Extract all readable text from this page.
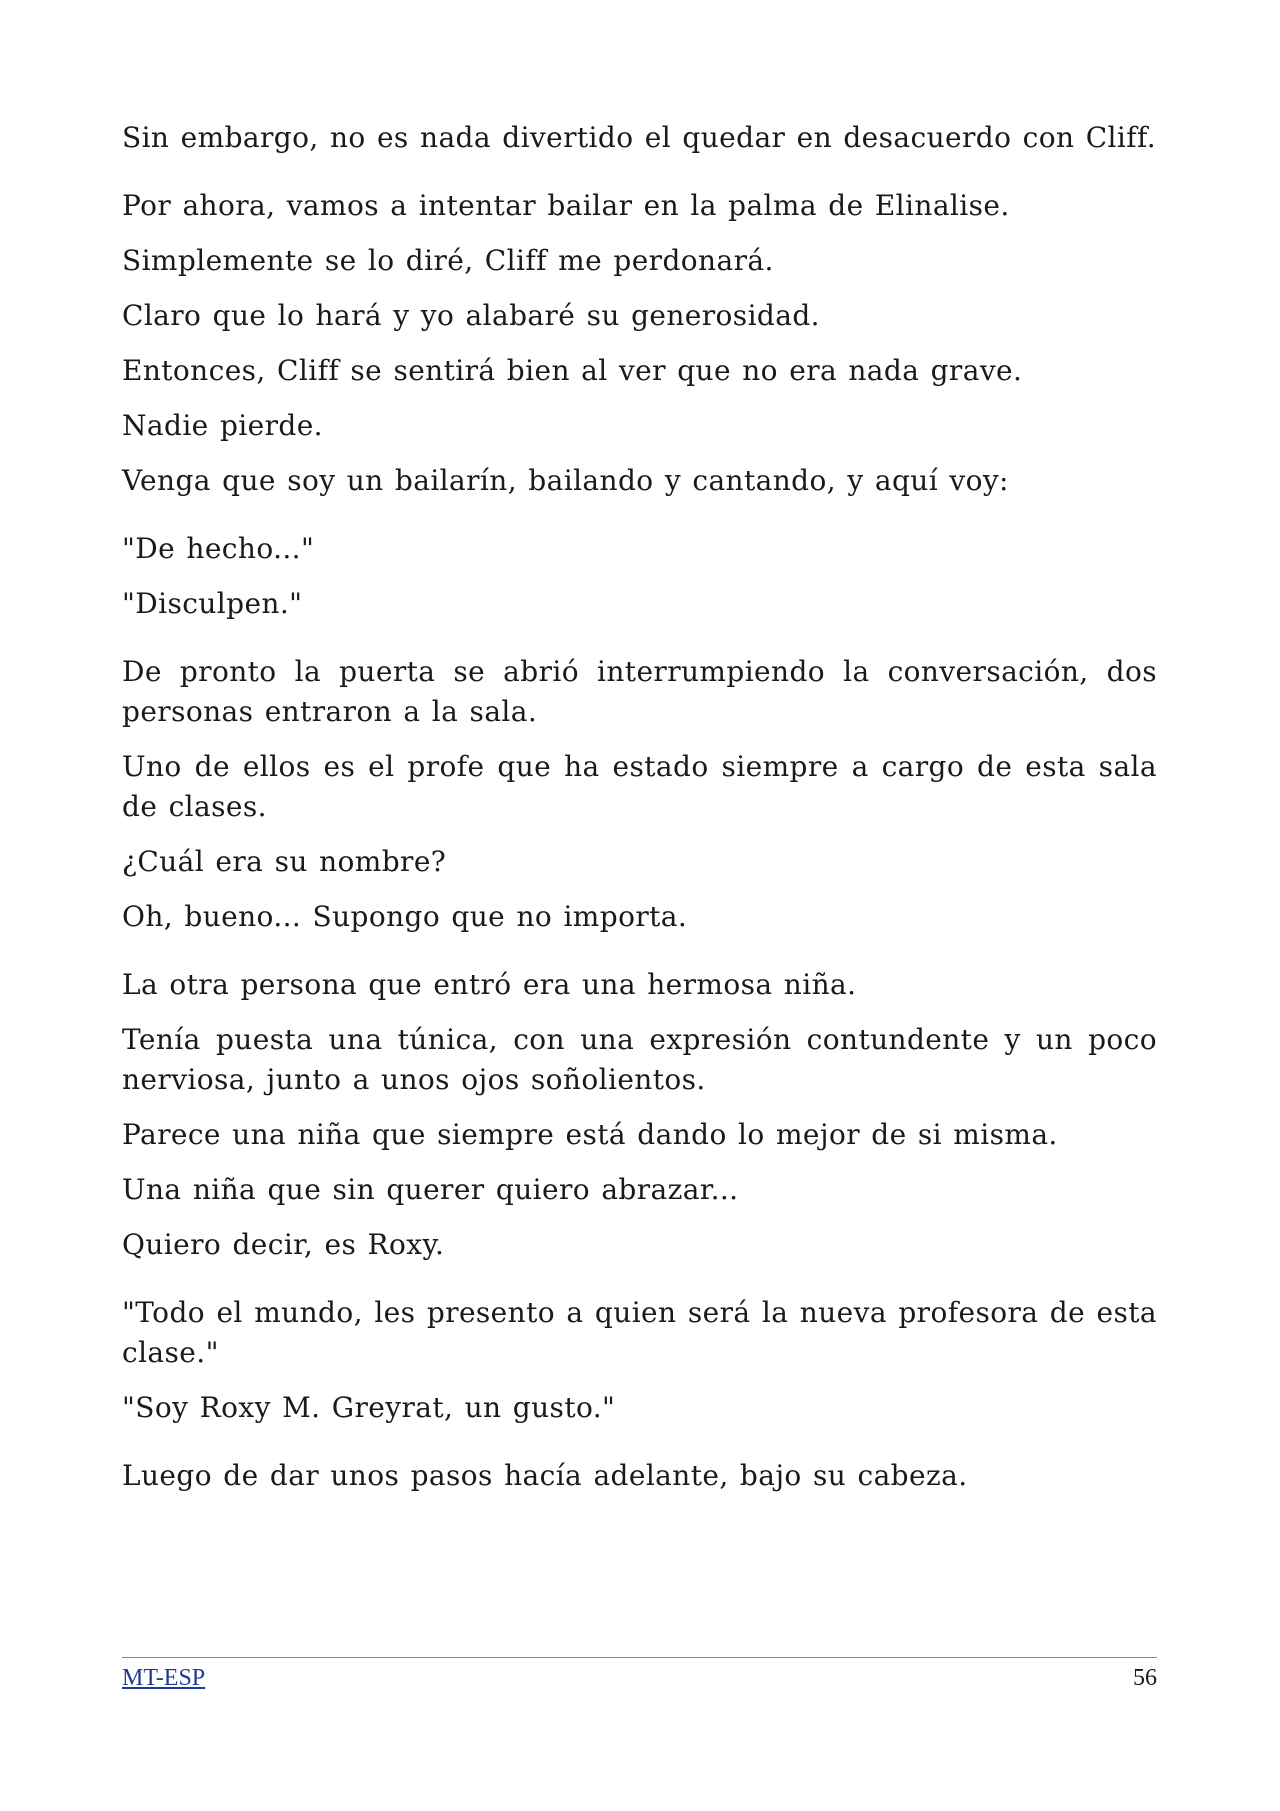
Sin embargo, no es nada divertido el quedar en desacuerdo con Cliff.

Por ahora, vamos a intentar bailar en la palma de Elinalise.

Simplemente se lo diré, Cliff me perdonará.

Claro que lo hará y yo alabaré su generosidad.

Entonces, Cliff se sentirá bien al ver que no era nada grave.

Nadie pierde.

Venga que soy un bailarín, bailando y cantando, y aquí voy:

"De hecho..."

"Disculpen."

De pronto la puerta se abrió interrumpiendo la conversación, dos personas entraron a la sala.

Uno de ellos es el profe que ha estado siempre a cargo de esta sala de clases.

¿Cuál era su nombre?

Oh, bueno... Supongo que no importa.

La otra persona que entró era una hermosa niña.

Tenía puesta una túnica, con una expresión contundente y un poco nerviosa, junto a unos ojos soñolientos.

Parece una niña que siempre está dando lo mejor de si misma.

Una niña que sin querer quiero abrazar...

Quiero decir, es Roxy.

"Todo el mundo, les presento a quien será la nueva profesora de esta clase."

"Soy Roxy M. Greyrat, un gusto."

Luego de dar unos pasos hacía adelante, bajo su cabeza.

MT-ESP	56
